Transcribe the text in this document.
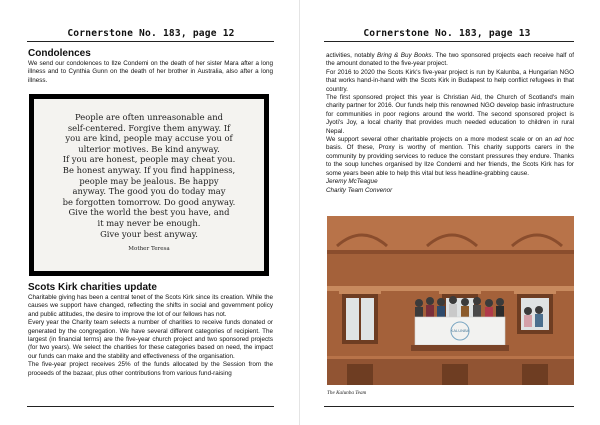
Cornerstone No. 183, page 12
Condolences
We send our condolences to Ilze Condemi on the death of her sister Mara after a long illness and to Cynthia Gunn on the death of her brother in Australia, also after a long illness.
People are often unreasonable and
self-centered. Forgive them anyway. If
you are kind, people may accuse you of
ulterior motives. Be kind anyway.
If you are honest, people may cheat you.
Be honest anyway. If you find happiness,
people may be jealous. Be happy
anyway. The good you do today may
be forgotten tomorrow. Do good anyway.
Give the world the best you have, and
it may never be enough.
Give your best anyway.
Mother Teresa
Scots Kirk charities update

Charitable giving has been a central tenet of the Scots Kirk since its creation. While the causes we support have changed, reflecting the shifts in social and government policy and public attitudes, the desire to improve the lot of our fellows has not.

Every year the Charity team selects a number of charities to receive funds donated or generated by the congregation. We have several different categories of recipient. The largest (in financial terms) are the five-year church project and two sponsored projects (for two years). We select the charities for these categories based on need, the impact our funds can make and the stability and effectiveness of the organisation.

The five-year project receives 25% of the funds allocated by the Session from the proceeds of the bazaar, plus other contributions from various fund-raising

Cornerstone No. 183, page 13

activities, notably Bring & Buy Books. The two sponsored projects each receive half of the amount donated to the five-year project.

For 2016 to 2020 the Scots Kirk's five-year project is run by Kalunba, a Hungarian NGO that works hand-in-hand with the Scots Kirk in Budapest to help conflict refugees in that country.

The first sponsored project this year is Christian Aid, the Church of Scotland's main charity partner for 2016. Our funds help this renowned NGO develop basic infrastructure for communities in poor regions around the world. The second sponsored project is Jyoti's Joy, a local charity that provides much needed education to children in rural Nepal.

We support several other charitable projects on a more modest scale or on an ad hoc basis. Of these, Proxy is worthy of mention. This charity supports carers in the community by providing services to reduce the constant pressures they endure. Thanks to the soup lunches organised by Ilze Condemi and her friends, the Scots Kirk has for some years been able to help this vital but less headline-grabbing cause.

Jeremy McTeague

Charity Team Convenor

KALUNBA
The Kalunba Team
